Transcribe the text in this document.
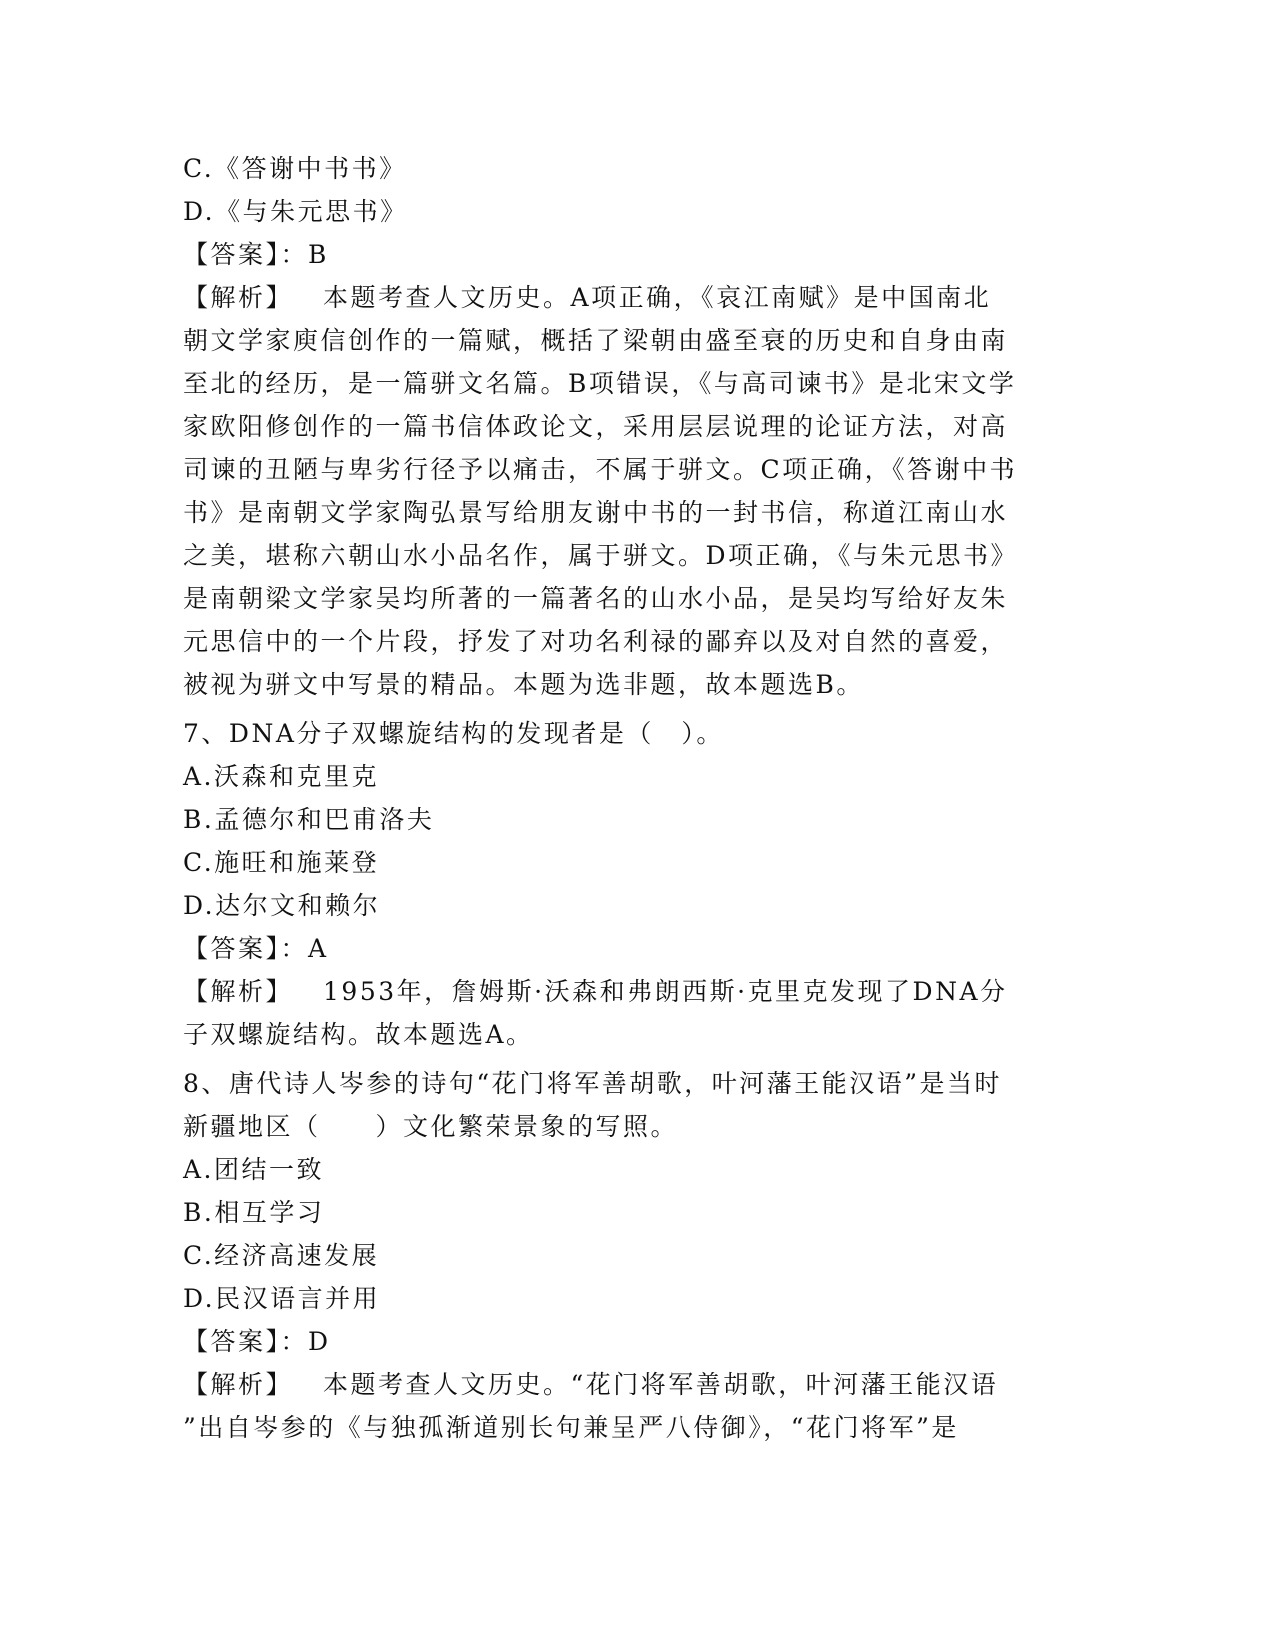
C.《答谢中书书》
D.《与朱元思书》
【答案】：B
【解析】 本题考查人文历史。A项正确，《哀江南赋》是中国南北
朝文学家庾信创作的一篇赋，概括了梁朝由盛至衰的历史和自身由南
至北的经历，是一篇骈文名篇。B项错误，《与高司谏书》是北宋文学
家欧阳修创作的一篇书信体政论文，采用层层说理的论证方法，对高
司谏的丑陋与卑劣行径予以痛击，不属于骈文。C项正确，《答谢中书
书》是南朝文学家陶弘景写给朋友谢中书的一封书信，称道江南山水
之美，堪称六朝山水小品名作，属于骈文。D项正确，《与朱元思书》
是南朝梁文学家吴均所著的一篇著名的山水小品，是吴均写给好友朱
元思信中的一个片段，抒发了对功名利禄的鄙弃以及对自然的喜爱，
被视为骈文中写景的精品。本题为选非题，故本题选B。
7、DNA分子双螺旋结构的发现者是（　）。
A.沃森和克里克
B.孟德尔和巴甫洛夫
C.施旺和施莱登
D.达尔文和赖尔
【答案】：A
【解析】 1953年，詹姆斯·沃森和弗朗西斯·克里克发现了DNA分
子双螺旋结构。故本题选A。
8、唐代诗人岑参的诗句“花门将军善胡歌，叶河藩王能汉语”是当时
新疆地区（　　）文化繁荣景象的写照。
A.团结一致
B.相互学习
C.经济高速发展
D.民汉语言并用
【答案】：D
【解析】 本题考查人文历史。“花门将军善胡歌，叶河藩王能汉语
”出自岑参的《与独孤渐道别长句兼呈严八侍御》，“花门将军”是
